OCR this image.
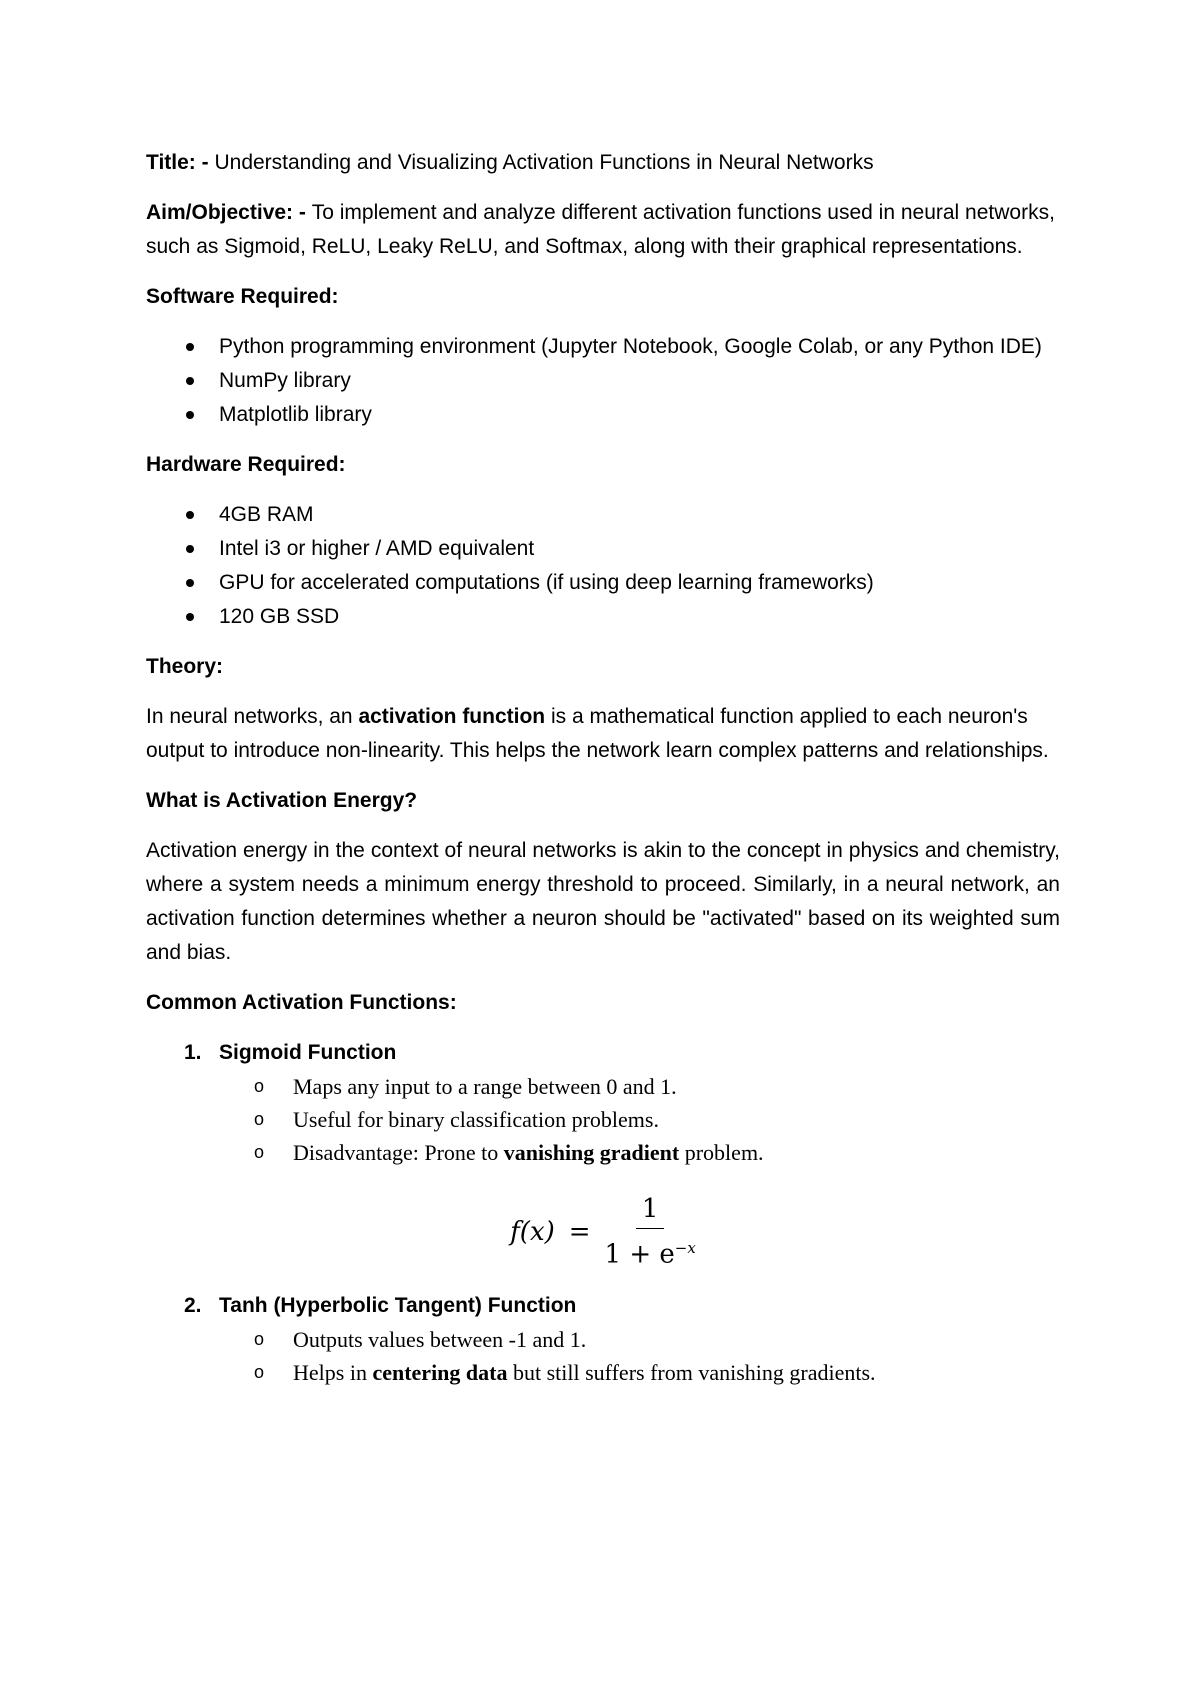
Title: - Understanding and Visualizing Activation Functions in Neural Networks

Aim/Objective: - To implement and analyze different activation functions used in neural networks, such as Sigmoid, ReLU, Leaky ReLU, and Softmax, along with their graphical representations.

Software Required:

Python programming environment (Jupyter Notebook, Google Colab, or any Python IDE)
NumPy library
Matplotlib library

Hardware Required:

4GB RAM
Intel i3 or higher / AMD equivalent
GPU for accelerated computations (if using deep learning frameworks)
120 GB SSD

Theory:

In neural networks, an activation function is a mathematical function applied to each neuron's output to introduce non-linearity. This helps the network learn complex patterns and relationships.

What is Activation Energy?

Activation energy in the context of neural networks is akin to the concept in physics and chemistry, where a system needs a minimum energy threshold to proceed. Similarly, in a neural network, an activation function determines whether a neuron should be "activated" based on its weighted sum and bias.

Common Activation Functions:

1. Sigmoid Function
o Maps any input to a range between 0 and 1.
o Useful for binary classification problems.
o Disadvantage: Prone to vanishing gradient problem.
$f(x) = \frac{1}{1 + e^{-x}}$
2. Tanh (Hyperbolic Tangent) Function
o Outputs values between -1 and 1.
o Helps in centering data but still suffers from vanishing gradients.
